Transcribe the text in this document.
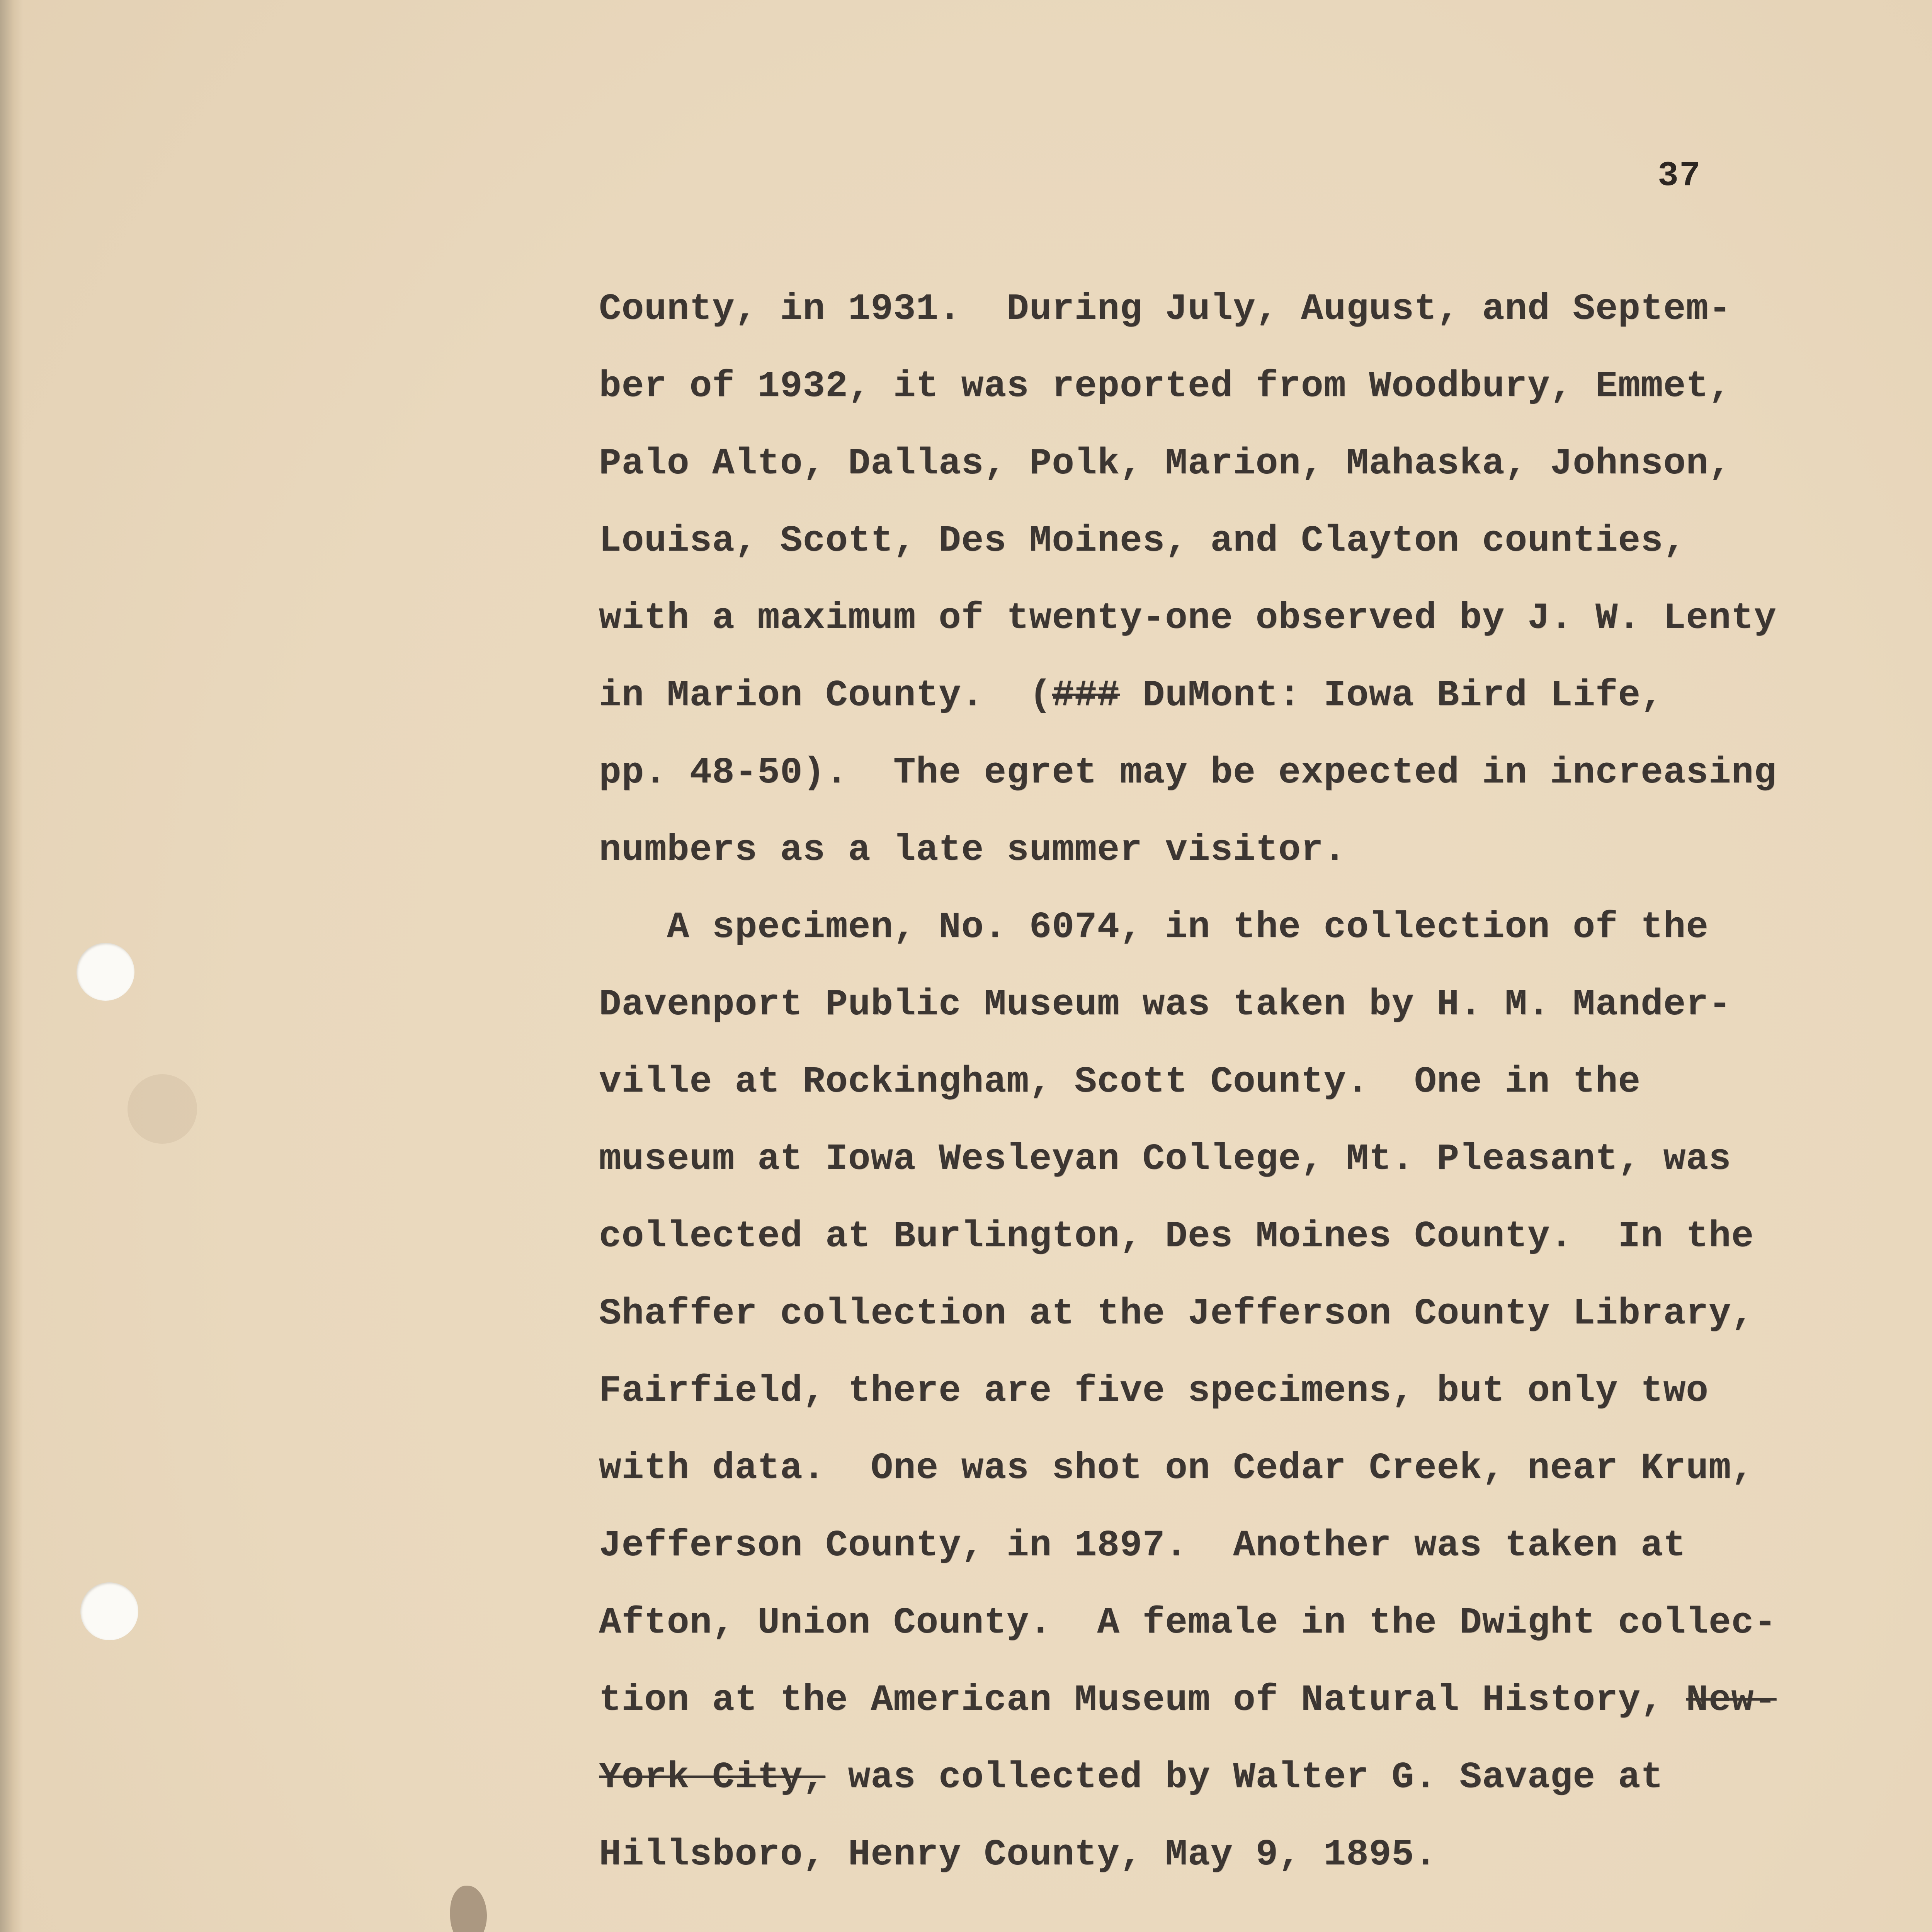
37

County, in 1931.  During July, August, and Septem-
ber of 1932, it was reported from Woodbury, Emmet,
Palo Alto, Dallas, Polk, Marion, Mahaska, Johnson,
Louisa, Scott, Des Moines, and Clayton counties,
with a maximum of twenty-one observed by J. W. Lenty
in Marion County.  (### DuMont: Iowa Bird Life,
pp. 48-50).  The egret may be expected in increasing
numbers as a late summer visitor.
A specimen, No. 6074, in the collection of the
Davenport Public Museum was taken by H. M. Mander-
ville at Rockingham, Scott County.  One in the
museum at Iowa Wesleyan College, Mt. Pleasant, was
collected at Burlington, Des Moines County.  In the
Shaffer collection at the Jefferson County Library,
Fairfield, there are five specimens, but only two
with data.  One was shot on Cedar Creek, near Krum,
Jefferson County, in 1897.  Another was taken at
Afton, Union County.  A female in the Dwight collec-
tion at the American Museum of Natural History, New-
York City, was collected by Walter G. Savage at
Hillsboro, Henry County, May 9, 1895.
